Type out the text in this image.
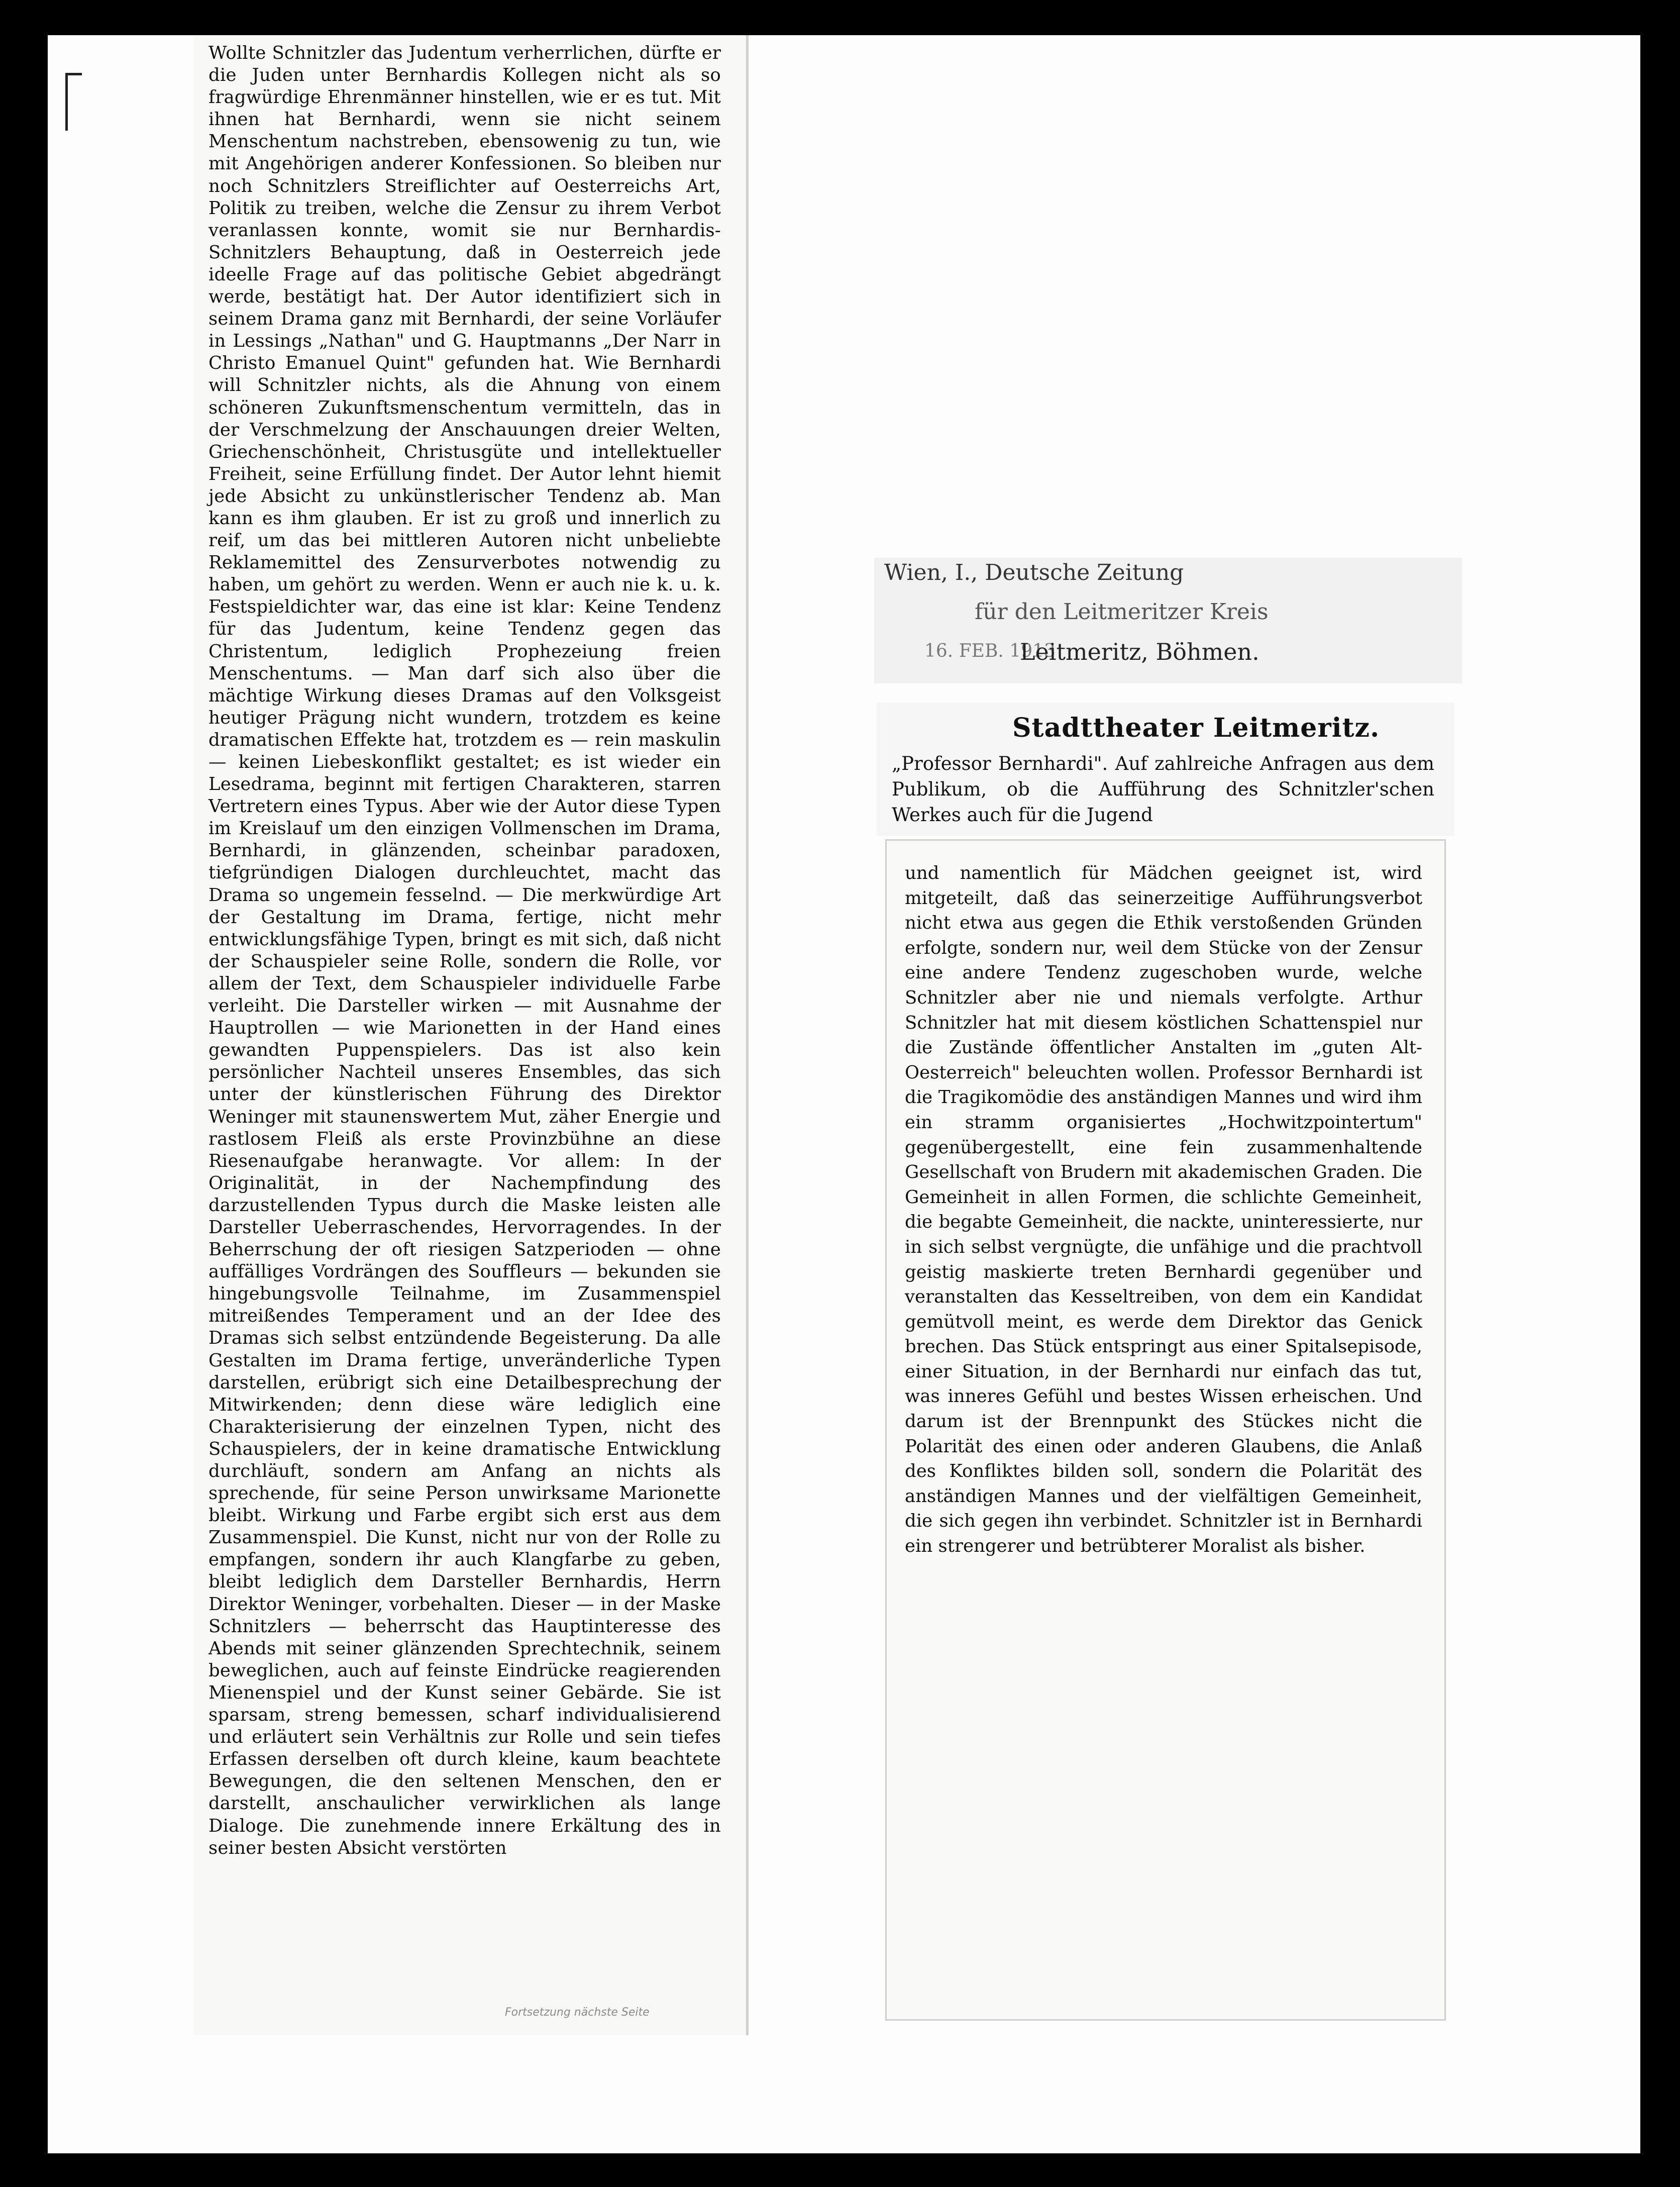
Wollte Schnitzler das Judentum verherrlichen, dürfte er die Juden unter Bernhardis Kollegen nicht als so fragwürdige Ehrenmänner hinstellen, wie er es tut. Mit ihnen hat Bernhardi, wenn sie nicht seinem Menschentum nachstreben, ebensowenig zu tun, wie mit Angehörigen anderer Konfessionen. So bleiben nur noch Schnitzlers Streiflichter auf Oesterreichs Art, Politik zu treiben, welche die Zensur zu ihrem Verbot veranlassen konnte, womit sie nur Bernhardis-Schnitzlers Behauptung, daß in Oesterreich jede ideelle Frage auf das politische Gebiet abgedrängt werde, bestätigt hat. Der Autor identifiziert sich in seinem Drama ganz mit Bernhardi, der seine Vorläufer in Lessings „Nathan" und G. Hauptmanns „Der Narr in Christo Emanuel Quint" gefunden hat. Wie Bernhardi will Schnitzler nichts, als die Ahnung von einem schöneren Zukunftsmenschentum vermitteln, das in der Verschmelzung der Anschauungen dreier Welten, Griechenschönheit, Christusgüte und intellektueller Freiheit, seine Erfüllung findet. Der Autor lehnt hiemit jede Absicht zu unkünstlerischer Tendenz ab. Man kann es ihm glauben. Er ist zu groß und innerlich zu reif, um das bei mittleren Autoren nicht unbeliebte Reklamemittel des Zensurverbotes notwendig zu haben, um gehört zu werden. Wenn er auch nie k. u. k. Festspieldichter war, das eine ist klar: Keine Tendenz für das Judentum, keine Tendenz gegen das Christentum, lediglich Prophezeiung freien Menschentums. — Man darf sich also über die mächtige Wirkung dieses Dramas auf den Volksgeist heutiger Prägung nicht wundern, trotzdem es keine dramatischen Effekte hat, trotzdem es — rein maskulin — keinen Liebeskonflikt gestaltet; es ist wieder ein Lesedrama, beginnt mit fertigen Charakteren, starren Vertretern eines Typus. Aber wie der Autor diese Typen im Kreislauf um den einzigen Vollmenschen im Drama, Bernhardi, in glänzenden, scheinbar paradoxen, tiefgründigen Dialogen durchleuchtet, macht das Drama so ungemein fesselnd. — Die merkwürdige Art der Gestaltung im Drama, fertige, nicht mehr entwicklungsfähige Typen, bringt es mit sich, daß nicht der Schauspieler seine Rolle, sondern die Rolle, vor allem der Text, dem Schauspieler individuelle Farbe verleiht. Die Darsteller wirken — mit Ausnahme der Hauptrollen — wie Marionetten in der Hand eines gewandten Puppenspielers. Das ist also kein persönlicher Nachteil unseres Ensembles, das sich unter der künstlerischen Führung des Direktor Weninger mit staunenswertem Mut, zäher Energie und rastlosem Fleiß als erste Provinzbühne an diese Riesenaufgabe heranwagte. Vor allem: In der Originalität, in der Nachempfindung des darzustellenden Typus durch die Maske leisten alle Darsteller Ueberraschendes, Hervorragendes. In der Beherrschung der oft riesigen Satzperioden — ohne auffälliges Vordrängen des Souffleurs — bekunden sie hingebungsvolle Teilnahme, im Zusammenspiel mitreißendes Temperament und an der Idee des Dramas sich selbst entzündende Begeisterung. Da alle Gestalten im Drama fertige, unveränderliche Typen darstellen, erübrigt sich eine Detailbesprechung der Mitwirkenden; denn diese wäre lediglich eine Charakterisierung der einzelnen Typen, nicht des Schauspielers, der in keine dramatische Entwicklung durchläuft, sondern am Anfang an nichts als sprechende, für seine Person unwirksame Marionette bleibt. Wirkung und Farbe ergibt sich erst aus dem Zusammenspiel. Die Kunst, nicht nur von der Rolle zu empfangen, sondern ihr auch Klangfarbe zu geben, bleibt lediglich dem Darsteller Bernhardis, Herrn Direktor Weninger, vorbehalten. Dieser — in der Maske Schnitzlers — beherrscht das Hauptinteresse des Abends mit seiner glänzenden Sprechtechnik, seinem beweglichen, auch auf feinste Eindrücke reagierenden Mienenspiel und der Kunst seiner Gebärde. Sie ist sparsam, streng bemessen, scharf individualisierend und erläutert sein Verhältnis zur Rolle und sein tiefes Erfassen derselben oft durch kleine, kaum beachtete Bewegungen, die den seltenen Menschen, den er darstellt, anschaulicher verwirklichen als lange Dialoge. Die zunehmende innere Erkältung des in seiner besten Absicht verstörten
Fortsetzung nächste Seite
Wien, I., Deutsche Zeitung
für den Leitmeritzer Kreis
16. FEB. 1913
Leitmeritz, Böhmen.
Stadttheater Leitmeritz.
„Professor Bernhardi". Auf zahlreiche Anfragen aus dem Publikum, ob die Aufführung des Schnitzler'schen Werkes auch für die Jugend
und namentlich für Mädchen geeignet ist, wird mitgeteilt, daß das seinerzeitige Aufführungsverbot nicht etwa aus gegen die Ethik verstoßenden Gründen erfolgte, sondern nur, weil dem Stücke von der Zensur eine andere Tendenz zugeschoben wurde, welche Schnitzler aber nie und niemals verfolgte. Arthur Schnitzler hat mit diesem köstlichen Schattenspiel nur die Zustände öffentlicher Anstalten im „guten Alt-Oesterreich" beleuchten wollen. Professor Bernhardi ist die Tragikomödie des anständigen Mannes und wird ihm ein stramm organisiertes „Hochwitzpointertum" gegenübergestellt, eine fein zusammenhaltende Gesellschaft von Brudern mit akademischen Graden. Die Gemeinheit in allen Formen, die schlichte Gemeinheit, die begabte Gemeinheit, die nackte, uninteressierte, nur in sich selbst vergnügte, die unfähige und die prachtvoll geistig maskierte treten Bernhardi gegenüber und veranstalten das Kesseltreiben, von dem ein Kandidat gemütvoll meint, es werde dem Direktor das Genick brechen. Das Stück entspringt aus einer Spitalsepisode, einer Situation, in der Bernhardi nur einfach das tut, was inneres Gefühl und bestes Wissen erheischen. Und darum ist der Brennpunkt des Stückes nicht die Polarität des einen oder anderen Glaubens, die Anlaß des Konfliktes bilden soll, sondern die Polarität des anständigen Mannes und der vielfältigen Gemeinheit, die sich gegen ihn verbindet. Schnitzler ist in Bernhardi ein strengerer und betrübterer Moralist als bisher.
